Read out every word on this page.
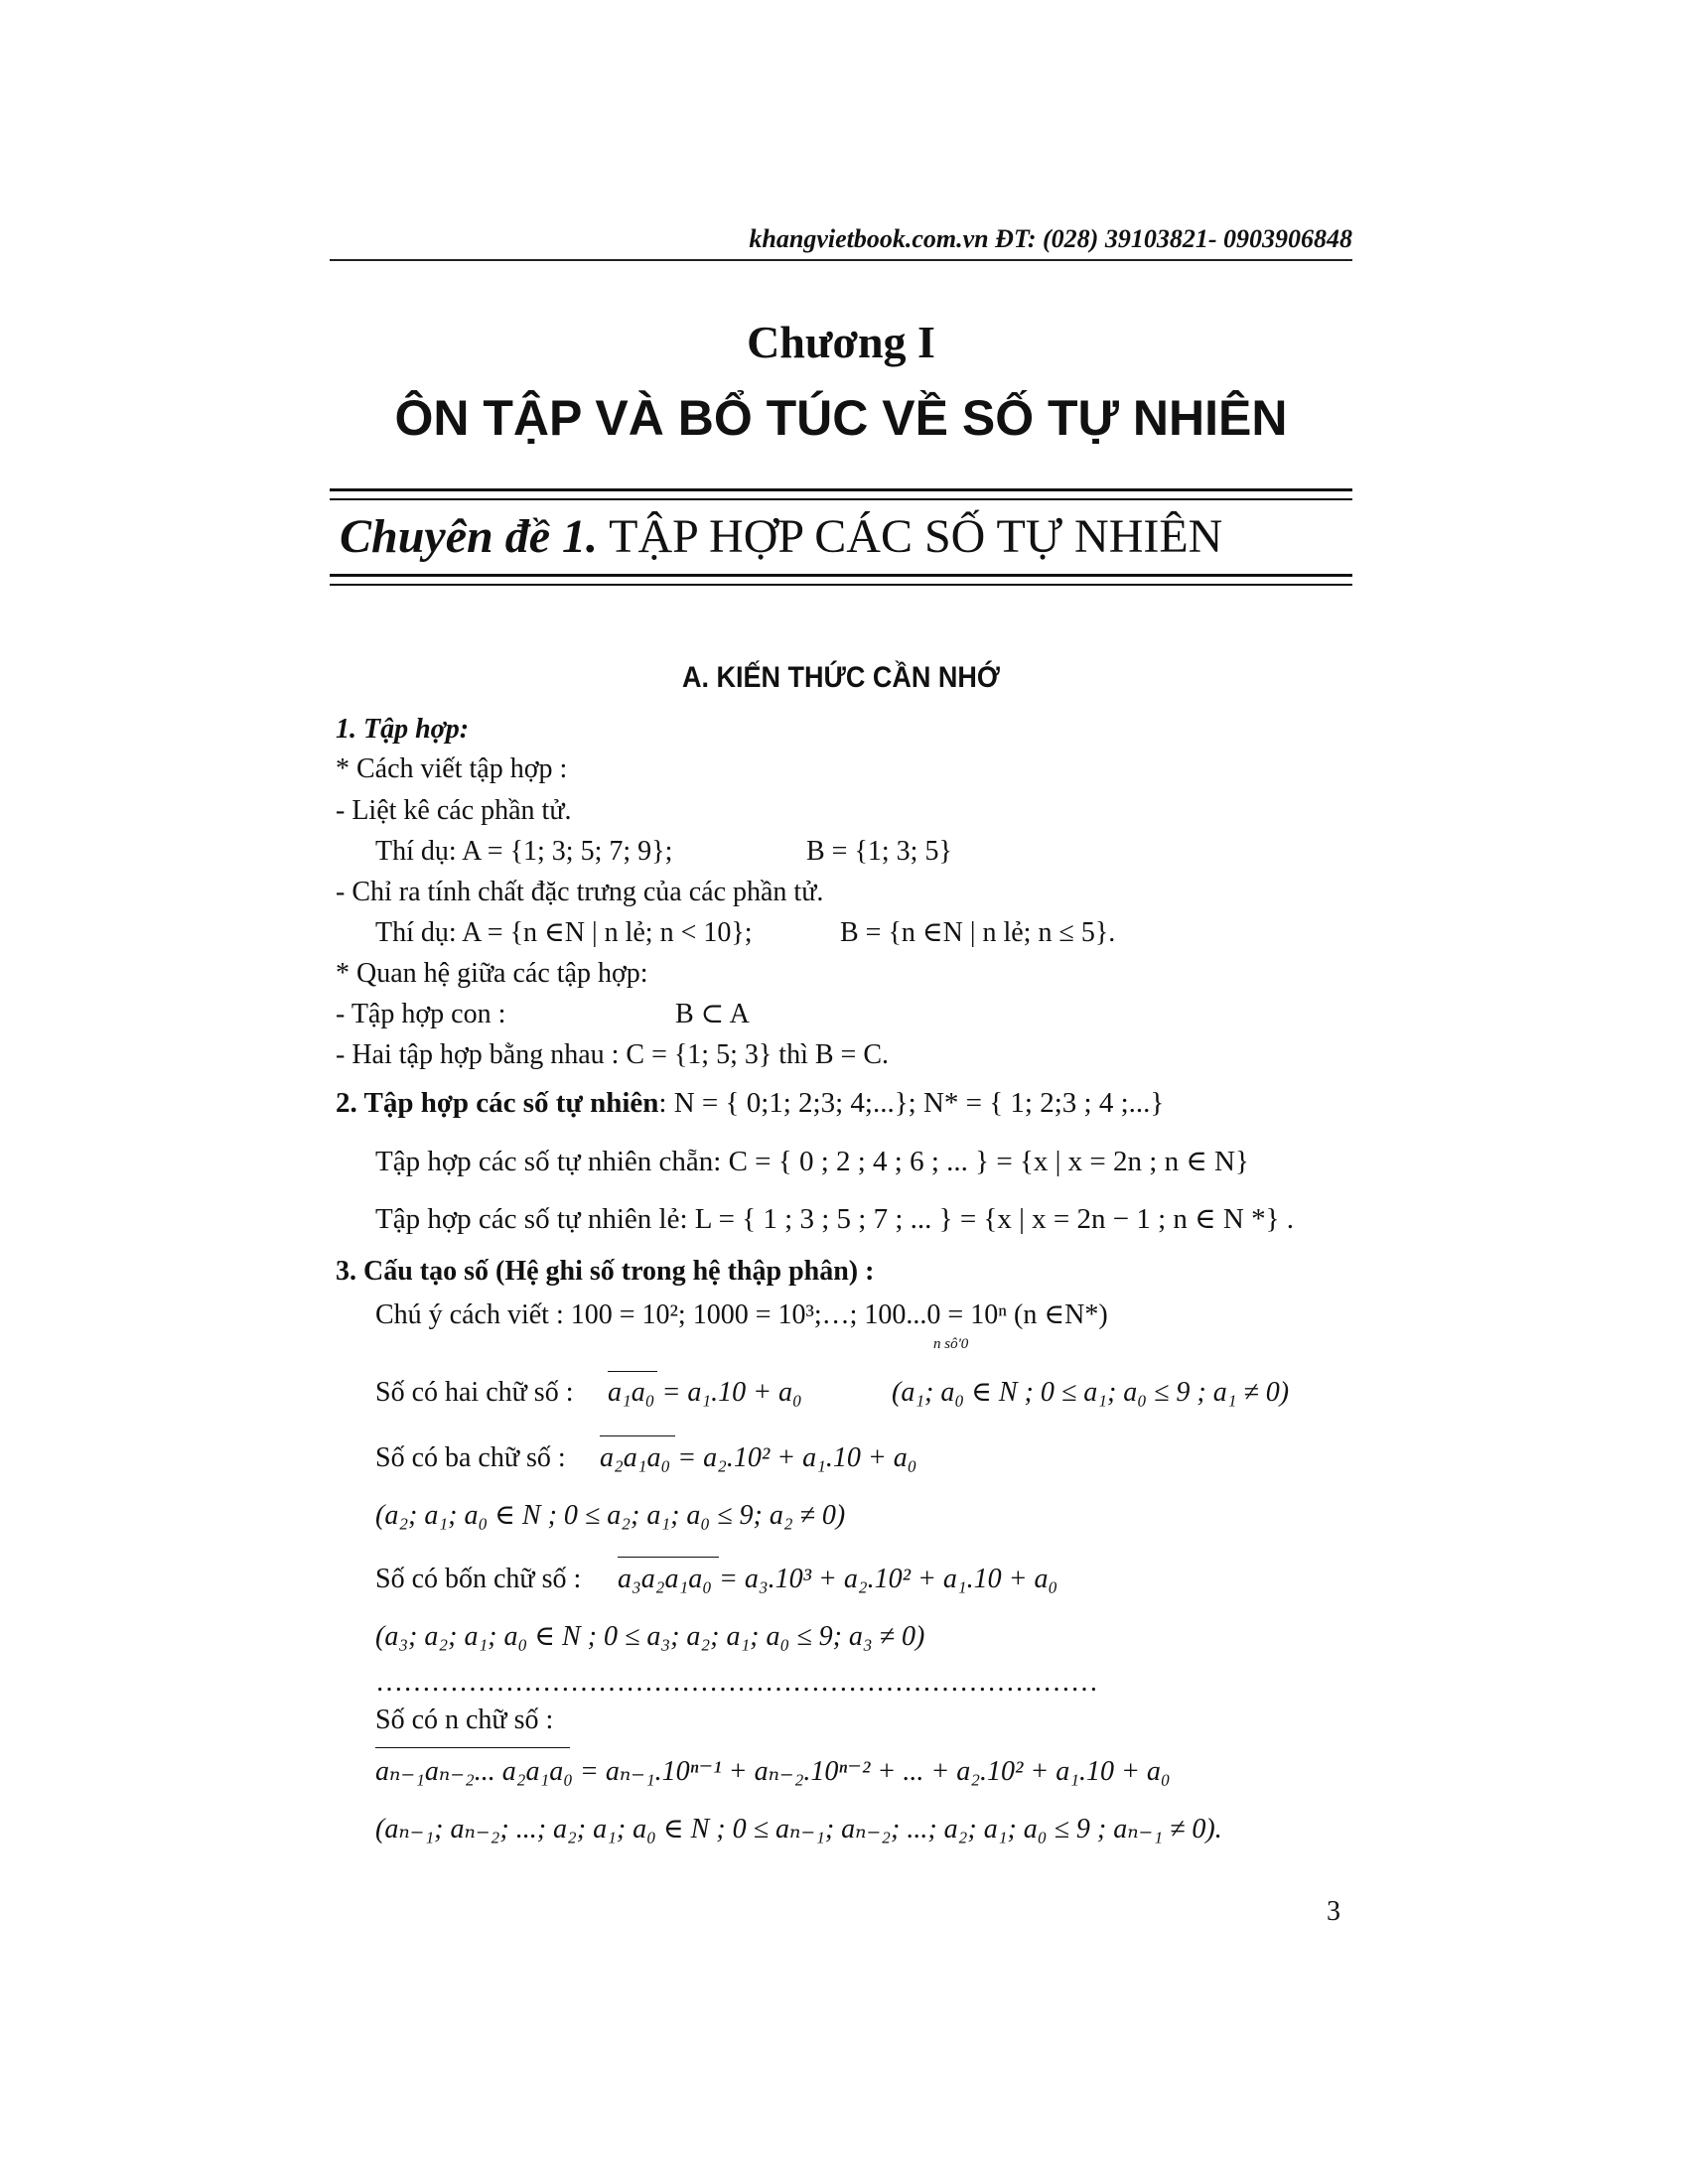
khangvietbook.com.vn ĐT: (028) 39103821- 0903906848
Chương I
ÔN TẬP VÀ BỔ TÚC VỀ SỐ TỰ NHIÊN
Chuyên đề 1. TẬP HỢP CÁC SỐ TỰ NHIÊN
A. KIẾN THỨC CẦN NHỚ
1. Tập hợp:
* Cách viết tập hợp :
- Liệt kê các phần tử.
Thí dụ: A = {1; 3; 5; 7; 9};	B = {1; 3; 5}
- Chỉ ra tính chất đặc trưng của các phần tử.
Thí dụ: A = {n ∈N | n lẻ; n < 10};	B = {n ∈N | n lẻ; n ≤ 5}.
* Quan hệ giữa các tập hợp:
- Tập hợp con :	B ⊂ A
- Hai tập hợp bằng nhau : C = {1; 5; 3} thì B = C.
2. Tập hợp các số tự nhiên: N = { 0;1; 2;3; 4;...}; N* = { 1; 2;3 ; 4 ;...}
Tập hợp các số tự nhiên chẵn: C = { 0 ; 2 ; 4 ; 6 ; ... } = {x | x = 2n ; n ∈ N}
Tập hợp các số tự nhiên lẻ: L = { 1 ; 3 ; 5 ; 7 ; ... } = {x | x = 2n − 1 ; n ∈ N *} .
3. Cấu tạo số (Hệ ghi số trong hệ thập phân) :
Chú ý cách viết : 100 = 10²; 1000 = 10³;…; 100...0 = 10ⁿ (n ∈N*)
n sô'0
Số có hai chữ số : a₁a₀ = a₁.10 + a₀	(a₁; a₀ ∈ N ; 0 ≤ a₁; a₀ ≤ 9 ; a₁ ≠ 0)
Số có ba chữ số : a₂a₁a₀ = a₂.10² + a₁.10 + a₀
(a₂; a₁; a₀ ∈ N ; 0 ≤ a₂; a₁; a₀ ≤ 9; a₂ ≠ 0)
Số có bốn chữ số : a₃a₂a₁a₀ = a₃.10³ + a₂.10² + a₁.10 + a₀
(a₃; a₂; a₁; a₀ ∈ N ; 0 ≤ a₃; a₂; a₁; a₀ ≤ 9; a₃ ≠ 0)
……………………………………………………………………
Số có n chữ số :
aₙ₋₁aₙ₋₂... a₂a₁a₀ = aₙ₋₁.10ⁿ⁻¹ + aₙ₋₂.10ⁿ⁻² + ... + a₂.10² + a₁.10 + a₀
(aₙ₋₁; aₙ₋₂; ...; a₂; a₁; a₀ ∈ N ; 0 ≤ aₙ₋₁; aₙ₋₂; ...; a₂; a₁; a₀ ≤ 9 ; aₙ₋₁ ≠ 0).
3
